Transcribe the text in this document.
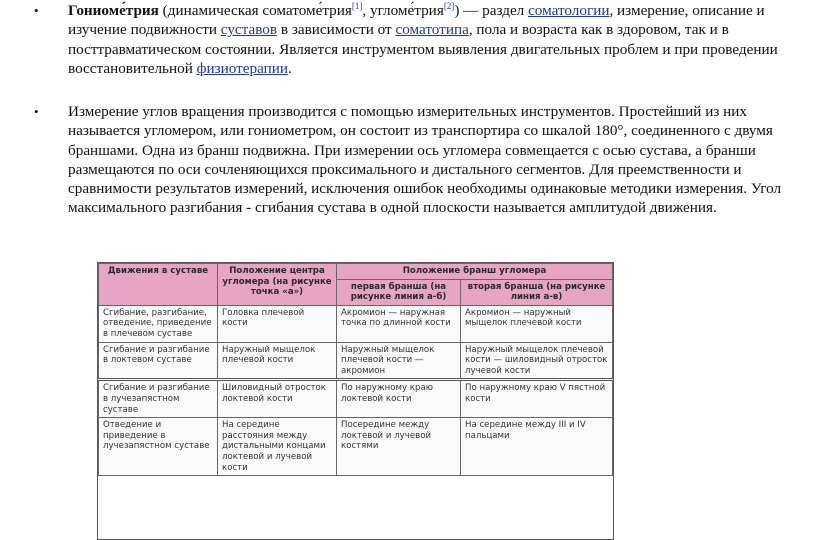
• Гониоме́трия (динамическая соматоме́трия[1], угломе́трия[2]) — раздел соматологии, измерение, описание и изучение подвижности суставов в зависимости от соматотипа, пола и возраста как в здоровом, так и в посттравматическом состоянии. Является инструментом выявления двигательных проблем и при проведении восстановительной физиотерапии.

• Измерение углов вращения производится с помощью измерительных инструментов. Простейший из них называется угломером, или гониометром, он состоит из транспортира со шкалой 180°, соединенного с двумя браншами. Одна из бранш подвижна. При измерении ось угломера совмещается с осью сустава, а бранши размещаются по оси сочленяющихся проксимального и дистального сегментов. Для преемственности и сравнимости результатов измерений, исключения ошибок необходимы одинаковые методики измерения. Угол максимального разгибания - сгибания сустава в одной плоскости называется амплитудой движения.

Движения в суставе	Положение центра угломера (на рисунке точка «а»)	Положение бранш угломера	
		первая бранша (на рисунке линия а-б)	вторая бранша (на рисунке линия а-в)
Сгибание, разгибание, отведение, приведение в плечевом суставе	Головка плечевой кости	Акромион — наружная точка по длинной кости	Акромион — наружный мыщелок плечевой кости
Сгибание и разгибание в локтевом суставе	Наружный мыщелок плечевой кости	Наружный мыщелок плечевой кости — акромион	Наружный мыщелок плечевой кости — шиловидный отросток лучевой кости
Сгибание и разгибание в лучезапястном суставе	Шиловидный отросток локтевой кости	По наружному краю локтевой кости	По наружному краю V пястной кости
Отведение и приведение в лучезапястном суставе	На середине расстояния между дистальными концами локтевой и лучевой кости	Посередине между локтевой и лучевой костями	На середине между III и IV пальцами
